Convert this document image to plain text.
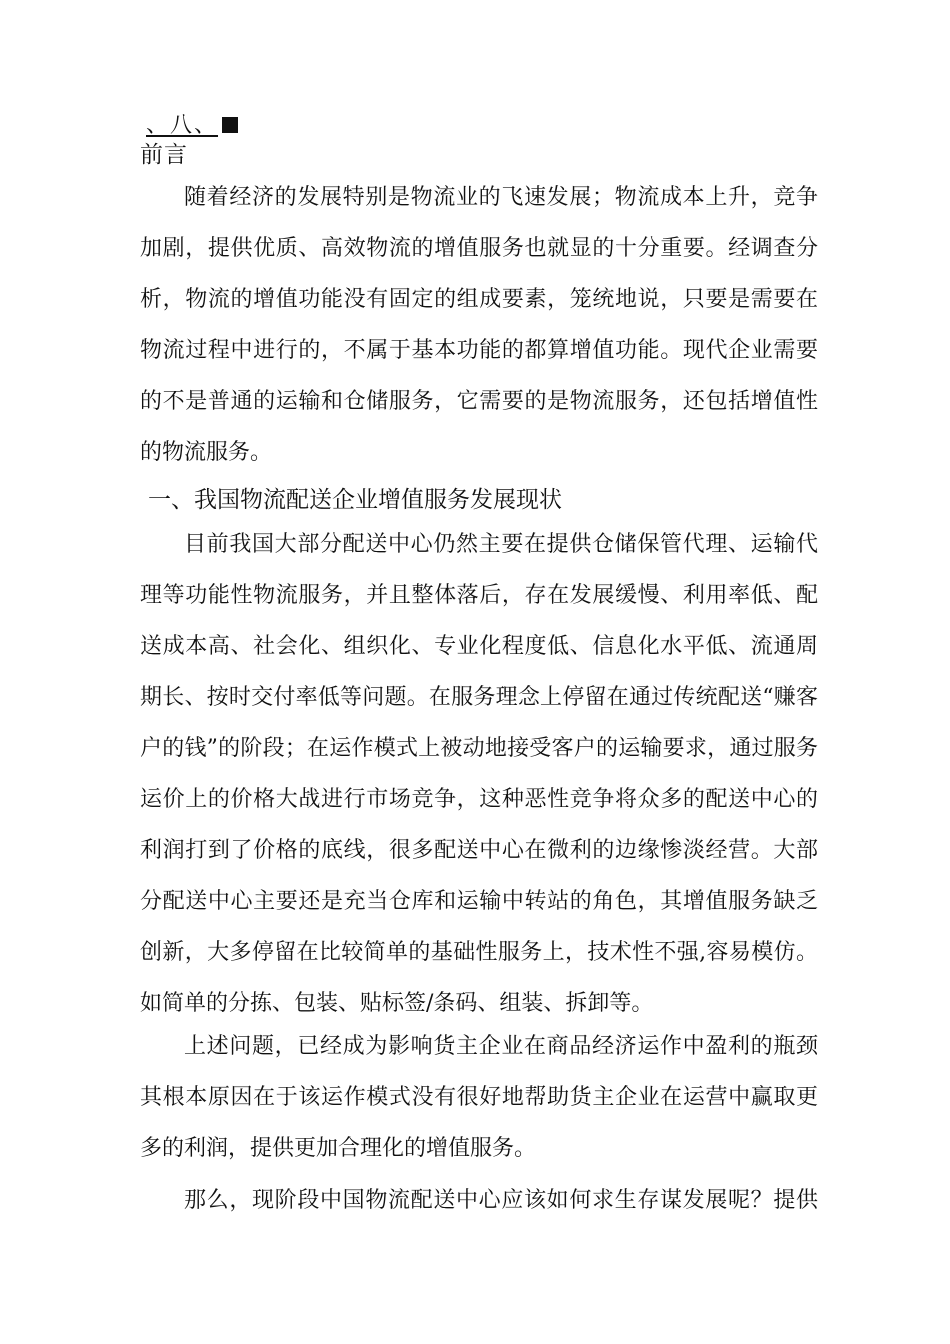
、八、
前言
随着经济的发展特别是物流业的飞速发展；物流成本上升，竞争
加剧，提供优质、高效物流的增值服务也就显的十分重要。经调查分
析，物流的增值功能没有固定的组成要素，笼统地说，只要是需要在
物流过程中进行的，不属于基本功能的都算增值功能。现代企业需要
的不是普通的运输和仓储服务，它需要的是物流服务，还包括增值性
的物流服务。
一、我国物流配送企业增值服务发展现状
目前我国大部分配送中心仍然主要在提供仓储保管代理、运输代
理等功能性物流服务，并且整体落后，存在发展缓慢、利用率低、配
送成本高、社会化、组织化、专业化程度低、信息化水平低、流通周
期长、按时交付率低等问题。在服务理念上停留在通过传统配送“赚客
户的钱”的阶段；在运作模式上被动地接受客户的运输要求，通过服务
运价上的价格大战进行市场竞争，这种恶性竞争将众多的配送中心的
利润打到了价格的底线，很多配送中心在微利的边缘惨淡经营。大部
分配送中心主要还是充当仓库和运输中转站的角色，其增值服务缺乏
创新，大多停留在比较简单的基础性服务上，技术性不强,容易模仿。
如简单的分拣、包装、贴标签/条码、组装、拆卸等。
上述问题，已经成为影响货主企业在商品经济运作中盈利的瓶颈
其根本原因在于该运作模式没有很好地帮助货主企业在运营中赢取更
多的利润，提供更加合理化的增值服务。
那么，现阶段中国物流配送中心应该如何求生存谋发展呢？提供
